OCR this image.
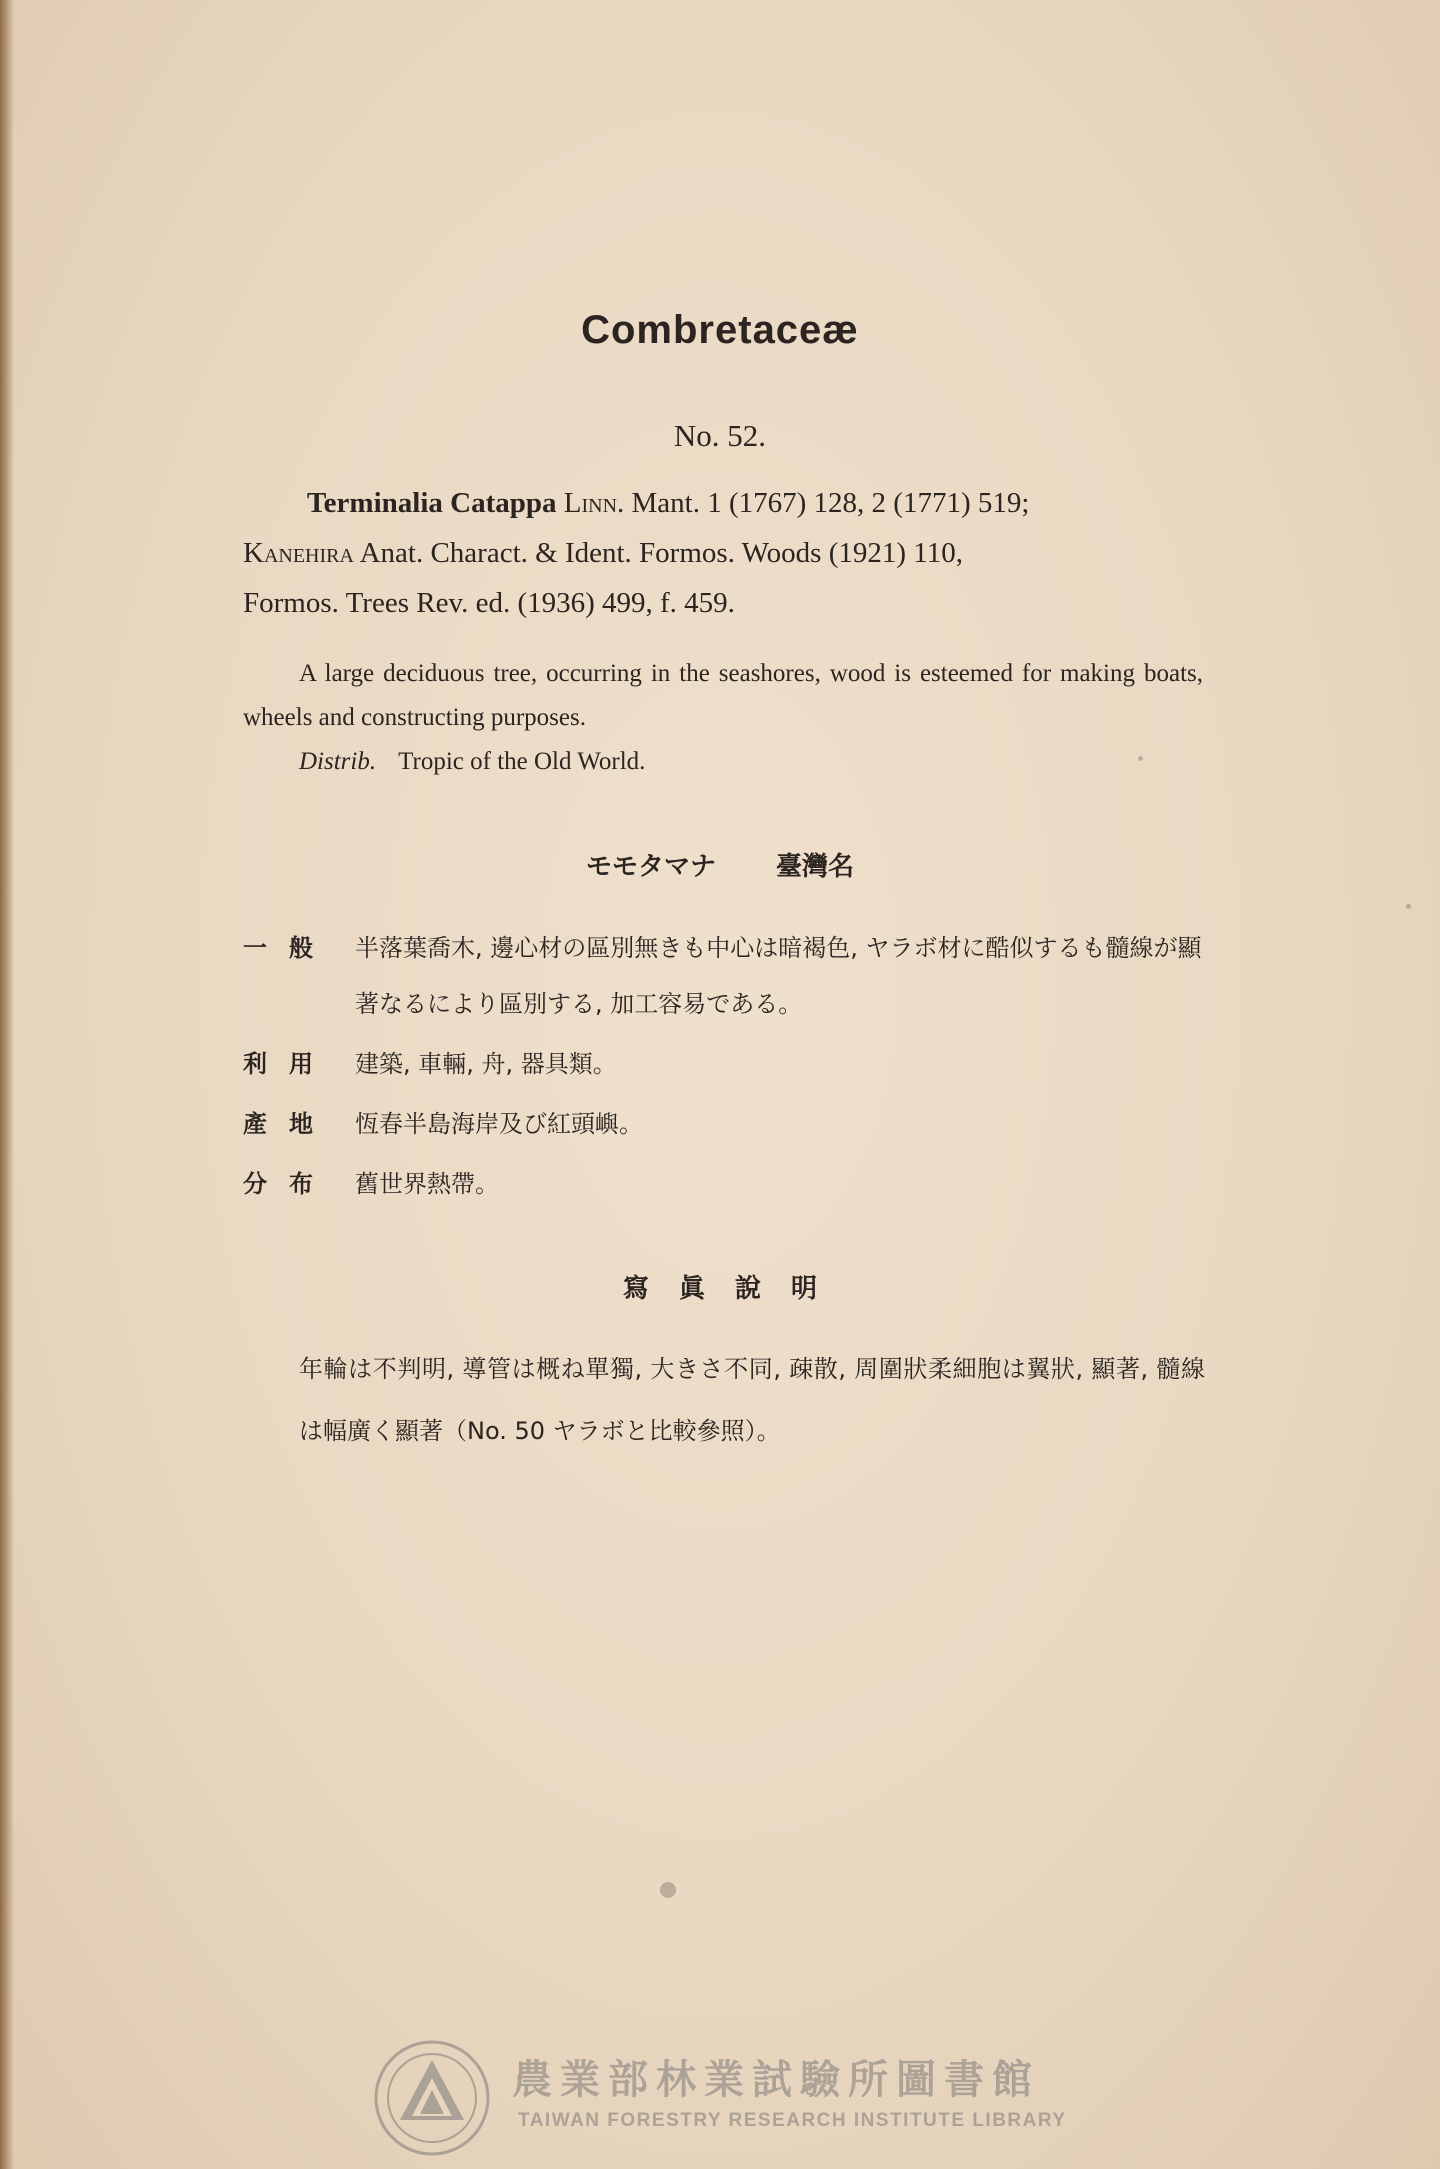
Combretaceæ
No. 52.
Terminalia Catappa Linn. Mant. 1 (1767) 128, 2 (1771) 519;
Kanehira Anat. Charact. & Ident. Formos. Woods (1921) 110,
Formos. Trees Rev. ed. (1936) 499, f. 459.

A large deciduous tree, occurring in the seashores, wood is esteemed for making boats, wheels and constructing purposes.

Distrib. Tropic of the Old World.

モモタマナ 臺灣名
一般 半落葉喬木, 邊心材の區別無きも中心は暗褐色, ヤラボ材に酷似するも髓線が顯著なるにより區別する, 加工容易である。
利用 建築, 車輛, 舟, 器具類。
產地 恆春半島海岸及び紅頭嶼。
分布 舊世界熱帶。
寫眞說明
年輪は不判明, 導管は概ね單獨, 大きさ不同, 疎散, 周圍狀柔細胞は翼狀, 顯著, 髓線は幅廣く顯著（No. 50 ヤラボと比較參照）。
農業部林業試驗所圖書館
TAIWAN FORESTRY RESEARCH INSTITUTE LIBRARY
